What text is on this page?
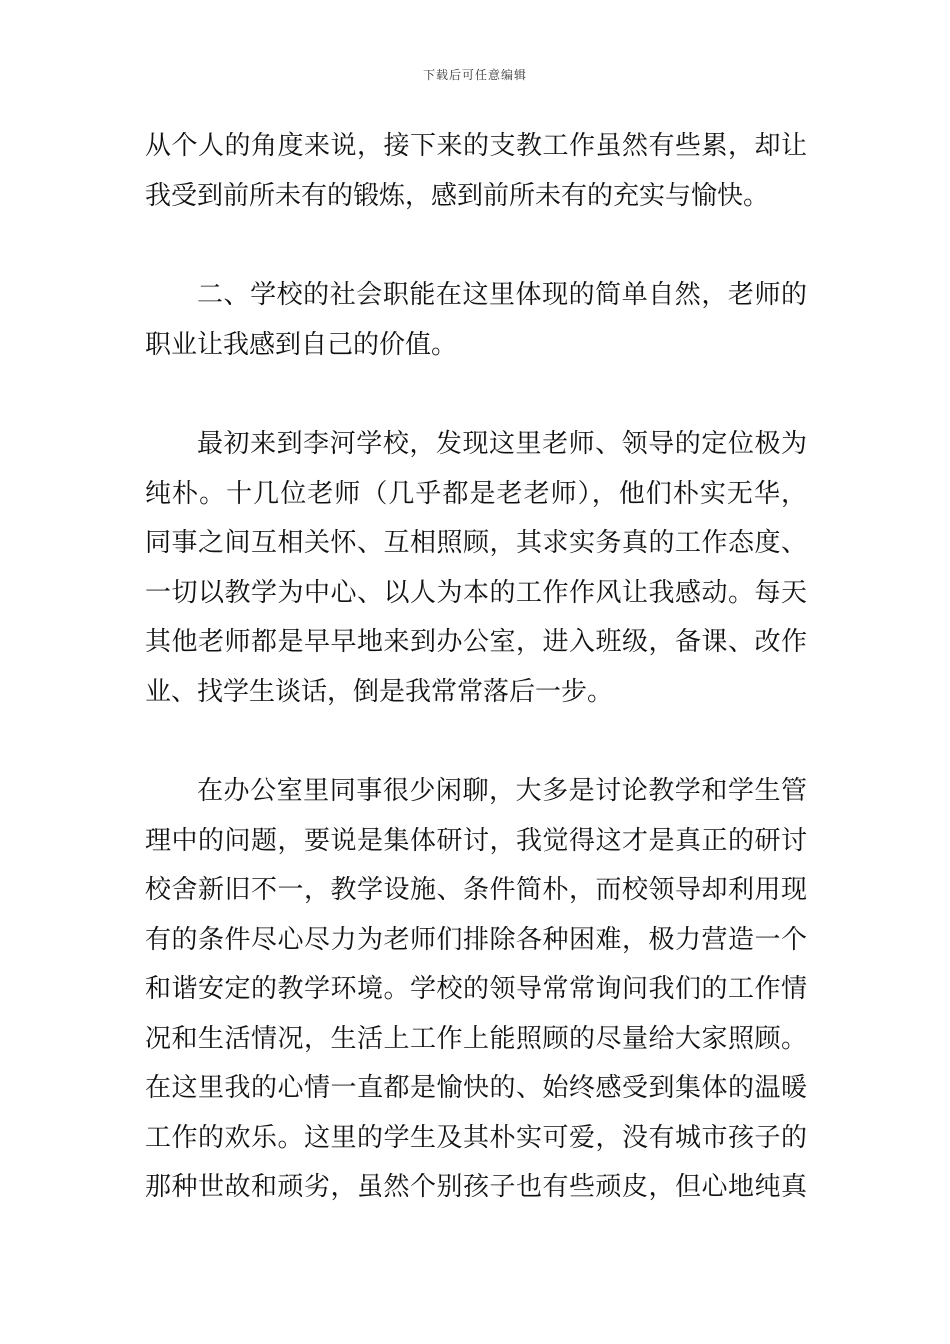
下载后可任意编辑
从个人的角度来说，接下来的支教工作虽然有些累，却让
我受到前所未有的锻炼，感到前所未有的充实与愉快。
二、学校的社会职能在这里体现的简单自然，老师的
职业让我感到自己的价值。
最初来到李河学校，发现这里老师、领导的定位极为
纯朴。十几位老师（几乎都是老老师），他们朴实无华，
同事之间互相关怀、互相照顾，其求实务真的工作态度、
一切以教学为中心、以人为本的工作作风让我感动。每天
其他老师都是早早地来到办公室，进入班级，备课、改作
业、找学生谈话，倒是我常常落后一步。
在办公室里同事很少闲聊，大多是讨论教学和学生管
理中的问题，要说是集体研讨，我觉得这才是真正的研讨
校舍新旧不一，教学设施、条件简朴，而校领导却利用现
有的条件尽心尽力为老师们排除各种困难，极力营造一个
和谐安定的教学环境。学校的领导常常询问我们的工作情
况和生活情况，生活上工作上能照顾的尽量给大家照顾。
在这里我的心情一直都是愉快的、始终感受到集体的温暖
工作的欢乐。这里的学生及其朴实可爱，没有城市孩子的
那种世故和顽劣，虽然个别孩子也有些顽皮，但心地纯真
